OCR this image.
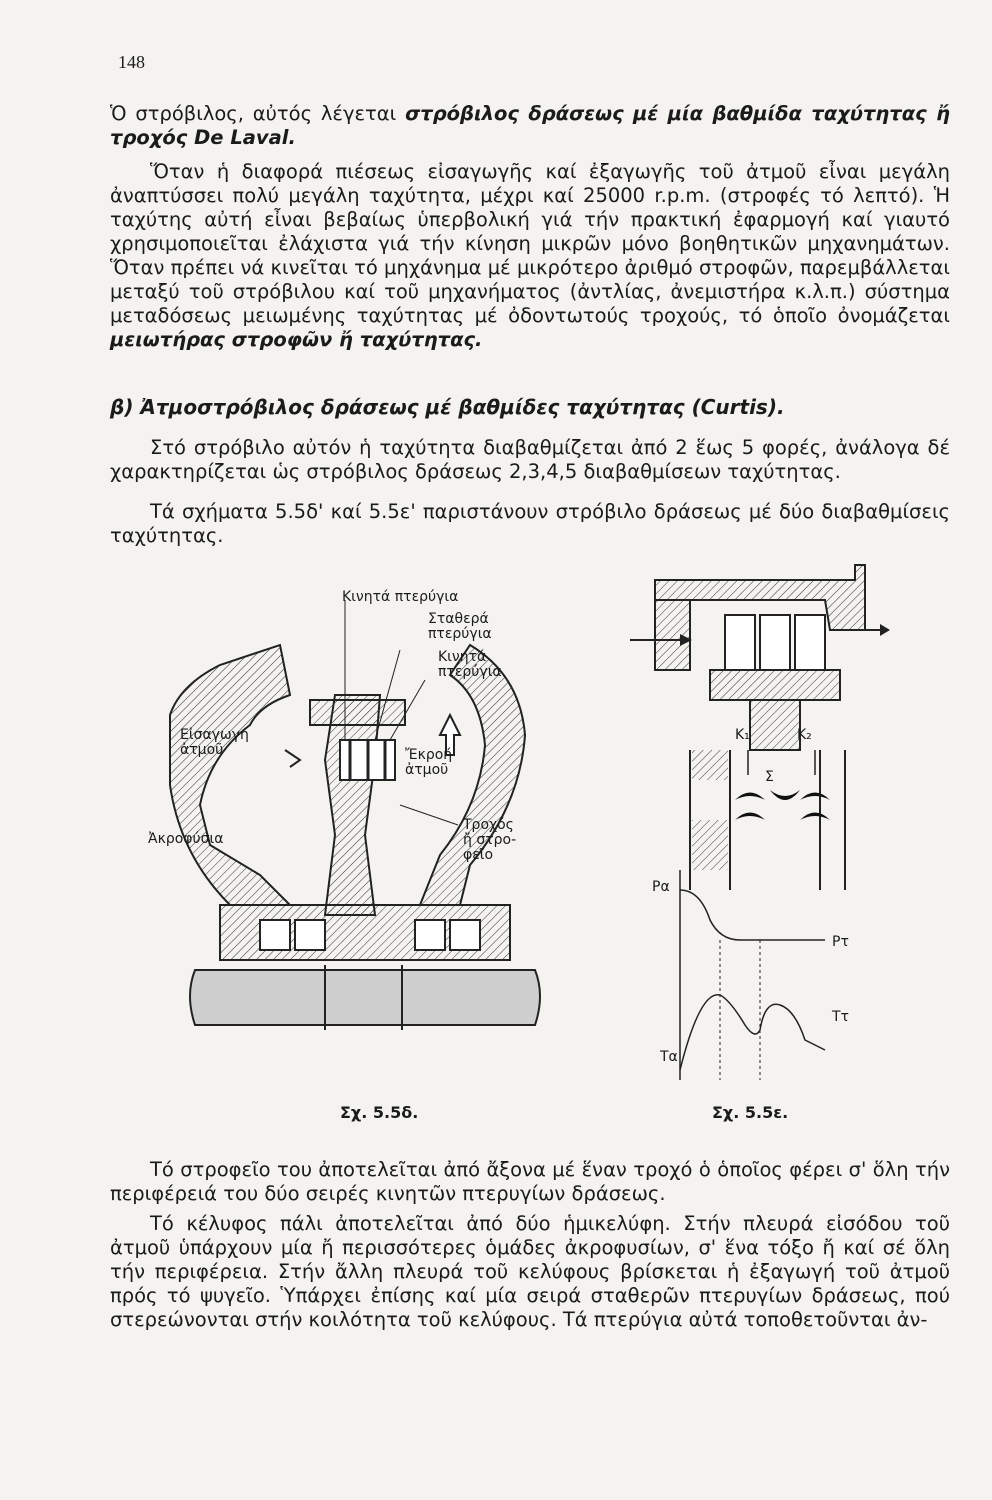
148

Ὁ στρόβιλος, αὐτός λέγεται στρόβιλος δράσεως μέ μία βαθμίδα ταχύτητας ἤ τροχός De Laval.

Ὅταν ἡ διαφορά πιέσεως εἰσαγωγῆς καί ἐξαγωγῆς τοῦ ἀτμοῦ εἶναι μεγάλη ἀναπτύσσει πολύ μεγάλη ταχύτητα, μέχρι καί 25000 r.p.m. (στροφές τό λεπτό). Ἡ ταχύτης αὐτή εἶναι βεβαίως ὑπερβολική γιά τήν πρακτική ἐφαρμογή καί γιαυτό χρησιμοποιεῖται ἐλάχιστα γιά τήν κίνηση μικρῶν μόνο βοηθητικῶν μηχανημάτων. Ὅταν πρέπει νά κινεῖται τό μηχάνημα μέ μικρότερο ἀριθμό στροφῶν, παρεμβάλλεται μεταξύ τοῦ στρόβιλου καί τοῦ μηχανήματος (ἀντλίας, ἀνεμιστήρα κ.λ.π.) σύστημα μεταδόσεως μειωμένης ταχύτητας μέ ὀδοντωτούς τροχούς, τό ὁποῖο ὀνομάζεται μειωτήρας στροφῶν ἤ ταχύτητας.

β) Ἀτμοστρόβιλος δράσεως μέ βαθμίδες ταχύτητας (Curtis).

Στό στρόβιλο αὐτόν ἡ ταχύτητα διαβαθμίζεται ἀπό 2 ἕως 5 φορές, ἀνάλογα δέ χαρακτηρίζεται ὡς στρόβιλος δράσεως 2,3,4,5 διαβαθμίσεων ταχύτητας.

Τά σχήματα 5.5δ' καί 5.5ε' παριστάνουν στρόβιλο δράσεως μέ δύο διαβαθμίσεις ταχύτητας.

Κινητά πτερύγια
Σταθερά
πτερύγια
Κινητά
πτερύγια
Εἰσαγωγή
ἀτμοῦ	Ἔκροή
ἀτμοῦ
Ἀκροφύσια
Τροχός
ἤ στρο-
φεῖο
Σχ. 5.5δ.
K₁	K₂
Σ
Pα
Pτ
Tτ
Tα
Σχ. 5.5ε.

Τό στροφεῖο του ἀποτελεῖται ἀπό ἄξονα μέ ἕναν τροχό ὁ ὁποῖος φέρει σ' ὅλη τήν περιφέρειά του δύο σειρές κινητῶν πτερυγίων δράσεως.

Τό κέλυφος πάλι ἀποτελεῖται ἀπό δύο ἡμικελύφη. Στήν πλευρά εἰσόδου τοῦ ἀτμοῦ ὑπάρχουν μία ἤ περισσότερες ὁμάδες ἀκροφυσίων, σ' ἕνα τόξο ἤ καί σέ ὅλη τήν περιφέρεια. Στήν ἄλλη πλευρά τοῦ κελύφους βρίσκεται ἡ ἐξαγωγή τοῦ ἀτμοῦ πρός τό ψυγεῖο. Ὑπάρχει ἐπίσης καί μία σειρά σταθερῶν πτερυγίων δράσεως, πού στερεώνονται στήν κοιλότητα τοῦ κελύφους. Τά πτερύγια αὐτά τοποθετοῦνται ἀν-
